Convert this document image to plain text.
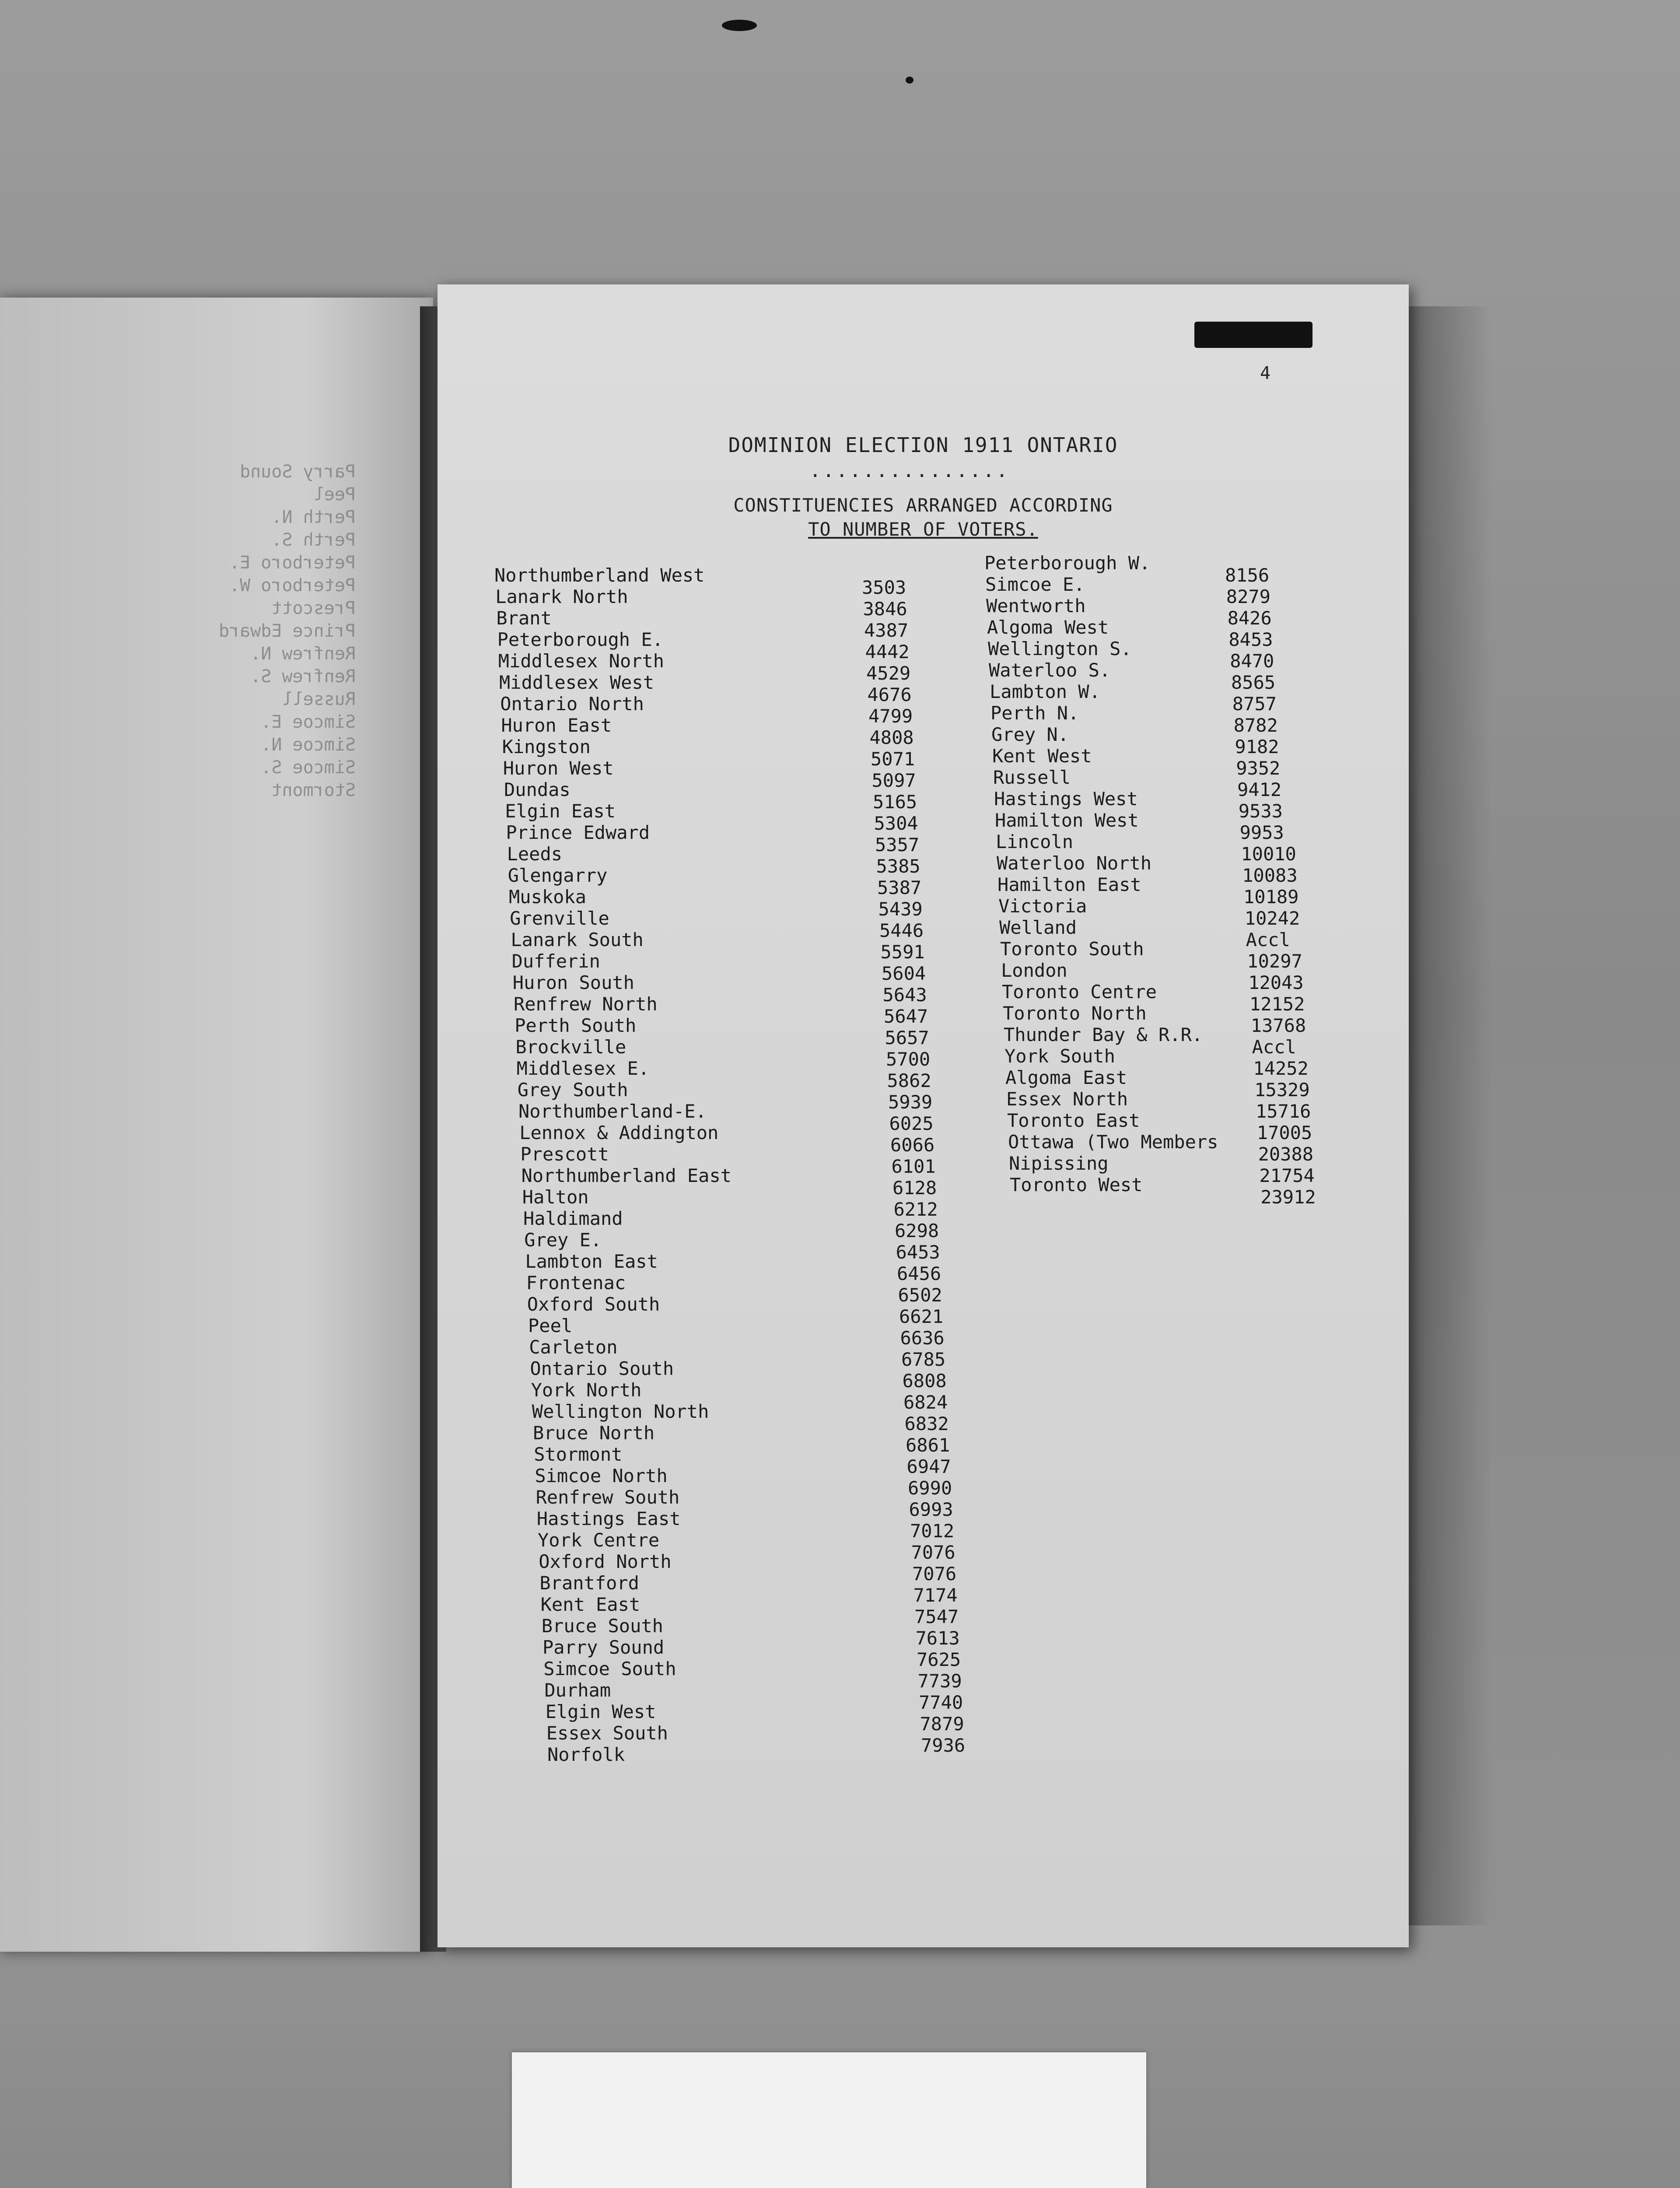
Parry Sound
Peel
Perth N.
Perth S.
Peterboro E.
Peterboro W.
Prescott
Prince Edward
Renfrew N.
Renfrew S.
Russell
Simcoe E.
Simcoe N.
Simcoe S.
Stormont
4
DOMINION ELECTION 1911 ONTARIO
...............
CONSTITUENCIES ARRANGED ACCORDING
TO NUMBER OF VOTERS.
Northumberland West
3503
Lanark North
3846
Brant
4387
Peterborough E.
4442
Middlesex North
4529
Middlesex West
4676
Ontario North
4799
Huron East
4808
Kingston
5071
Huron West
5097
Dundas
5165
Elgin East
5304
Prince Edward
5357
Leeds
5385
Glengarry
5387
Muskoka
5439
Grenville
5446
Lanark South
5591
Dufferin
5604
Huron South
5643
Renfrew North
5647
Perth South
5657
Brockville
5700
Middlesex E.
5862
Grey South
5939
Northumberland-E.
6025
Lennox & Addington
6066
Prescott
6101
Northumberland East
6128
Halton
6212
Haldimand
6298
Grey E.
6453
Lambton East
6456
Frontenac
6502
Oxford South
6621
Peel
6636
Carleton
6785
Ontario South
6808
York North
6824
Wellington North
6832
Bruce North
6861
Stormont
6947
Simcoe North
6990
Renfrew South
6993
Hastings East
7012
York Centre
7076
Oxford North
7076
Brantford
7174
Kent East
7547
Bruce South
7613
Parry Sound
7625
Simcoe South
7739
Durham
7740
Elgin West
7879
Essex South
7936
Norfolk
Peterborough W.
8156
Simcoe E.
8279
Wentworth
8426
Algoma West
8453
Wellington S.
8470
Waterloo S.
8565
Lambton W.
8757
Perth N.
8782
Grey N.
9182
Kent West
9352
Russell
9412
Hastings West
9533
Hamilton West
9953
Lincoln
10010
Waterloo North
10083
Hamilton East
10189
Victoria
10242
Welland
Accl
Toronto South
10297
London
12043
Toronto Centre
12152
Toronto North
13768
Thunder Bay & R.R.
Accl
York South
14252
Algoma East
15329
Essex North
15716
Toronto East
17005
Ottawa (Two Members
20388
Nipissing
21754
Toronto West
23912
